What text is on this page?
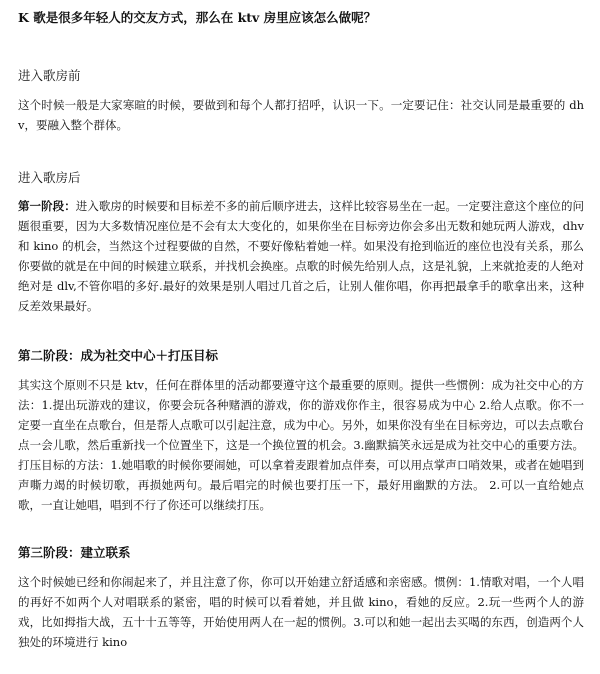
K 歌是很多年轻人的交友方式，那么在 ktv 房里应该怎么做呢？
进入歌房前
这个时候一般是大家寒暄的时候，要做到和每个人都打招呼，认识一下。一定要记住：社交认同是最重要的 dhv，要融入整个群体。
进入歌房后
第一阶段：进入歌房的时候要和目标差不多的前后顺序进去，这样比较容易坐在一起。一定要注意这个座位的问题很重要，因为大多数情况座位是不会有太大变化的，如果你坐在目标旁边你会多出无数和她玩两人游戏，dhv 和 kino 的机会，当然这个过程要做的自然，不要好像粘着她一样。如果没有抢到临近的座位也没有关系，那么你要做的就是在中间的时候建立联系，并找机会换座。点歌的时候先给别人点，这是礼貌，上来就抢麦的人绝对绝对是 dlv,不管你唱的多好.最好的效果是别人唱过几首之后，让别人催你唱，你再把最拿手的歌拿出来，这种反差效果最好。
第二阶段：成为社交中心＋打压目标
其实这个原则不只是 ktv，任何在群体里的活动都要遵守这个最重要的原则。提供一些惯例：成为社交中心的方法：1.提出玩游戏的建议，你要会玩各种赌酒的游戏，你的游戏你作主，很容易成为中心 2.给人点歌。你不一定要一直坐在点歌台，但是帮人点歌可以引起注意，成为中心。另外，如果你没有坐在目标旁边，可以去点歌台点一会儿歌，然后重新找一个位置坐下，这是一个换位置的机会。3.幽默搞笑永远是成为社交中心的重要方法。打压目标的方法：1.她唱歌的时候你要闹她，可以拿着麦跟着加点伴奏，可以用点掌声口哨效果，或者在她唱到声嘶力竭的时候切歌，再损她两句。最后唱完的时候也要打压一下，最好用幽默的方法。 2.可以一直给她点歌，一直让她唱，唱到不行了你还可以继续打压。
第三阶段：建立联系
这个时候她已经和你闹起来了，并且注意了你，你可以开始建立舒适感和亲密感。惯例：1.情歌对唱，一个人唱的再好不如两个人对唱联系的紧密，唱的时候可以看着她，并且做 kino，看她的反应。2.玩一些两个人的游戏，比如拇指大战，五十十五等等，开始使用两人在一起的惯例。3.可以和她一起出去买喝的东西，创造两个人独处的环境进行 kino
